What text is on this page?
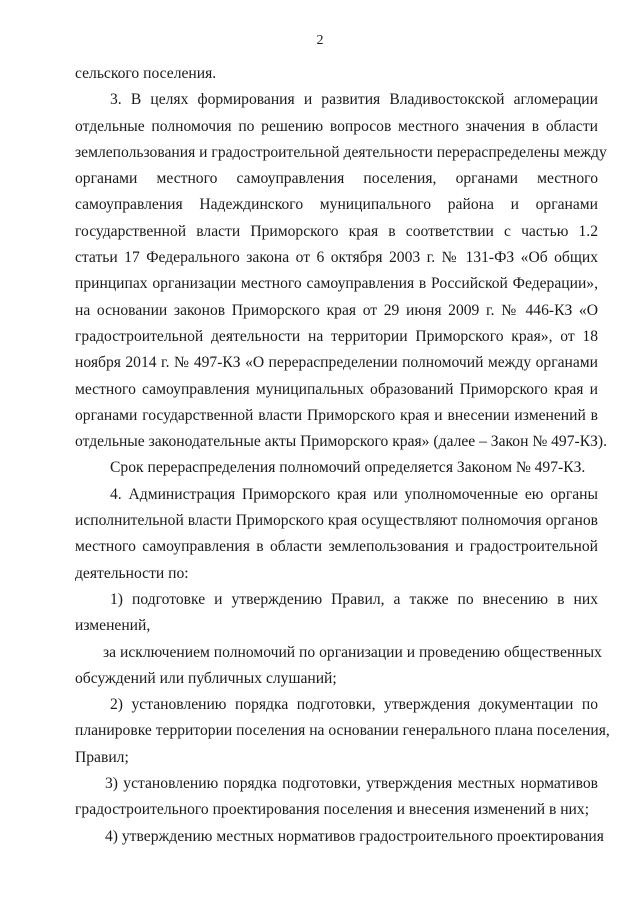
2
сельского поселения.
3. В целях формирования и развития Владивостокской агломерации
отдельные полномочия по решению вопросов местного значения в области
землепользования и градостроительной деятельности перераспределены между
органами местного самоуправления поселения, органами местного
самоуправления Надеждинского муниципального района и органами
государственной власти Приморского края в соответствии с частью 1.2
статьи 17 Федерального закона от 6 октября 2003 г. № 131-ФЗ «Об общих
принципах организации местного самоуправления в Российской Федерации»,
на основании законов Приморского края от 29 июня 2009 г. № 446-КЗ «О
градостроительной деятельности на территории Приморского края», от 18
ноября 2014 г. № 497-КЗ «О перераспределении полномочий между органами
местного самоуправления муниципальных образований Приморского края и
органами государственной власти Приморского края и внесении изменений в
отдельные законодательные акты Приморского края» (далее – Закон № 497-КЗ).
Срок перераспределения полномочий определяется Законом № 497-КЗ.
4. Администрация Приморского края или уполномоченные ею органы
исполнительной власти Приморского края осуществляют полномочия органов
местного самоуправления в области землепользования и градостроительной
деятельности по:
1) подготовке и утверждению Правил, а также по внесению в них
изменений,
за исключением полномочий по организации и проведению общественных
обсуждений или публичных слушаний;
2) установлению порядка подготовки, утверждения документации по
планировке территории поселения на основании генерального плана поселения,
Правил;
3) установлению порядка подготовки, утверждения местных нормативов
градостроительного проектирования поселения и внесения изменений в них;
4) утверждению местных нормативов градостроительного проектирования
